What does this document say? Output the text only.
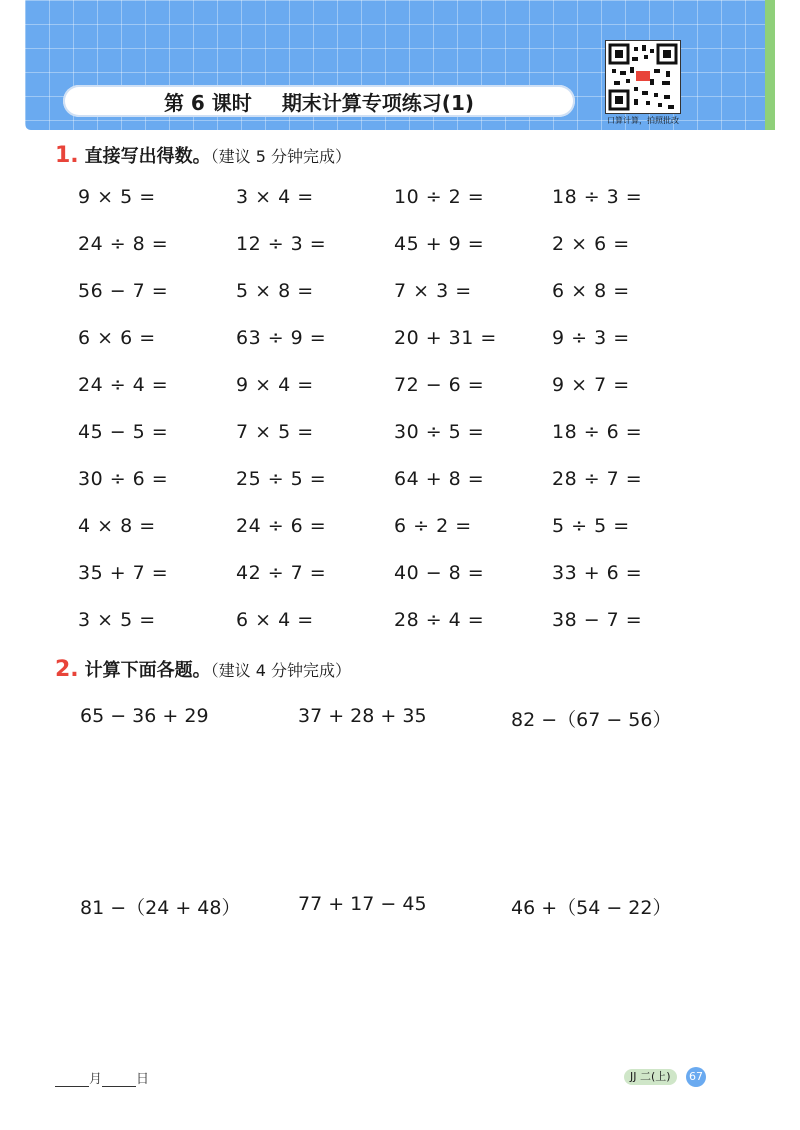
第 6 课时 期末计算专项练习(1)
口算计算，拍照批改
1. 直接写出得数。（建议 5 分钟完成）
9 × 5 =	3 × 4 =	10 ÷ 2 =	18 ÷ 3 =
24 ÷ 8 =	12 ÷ 3 =	45 + 9 =	2 × 6 =
56 − 7 =	5 × 8 =	7 × 3 =	6 × 8 =
6 × 6 =	63 ÷ 9 =	20 + 31 =	9 ÷ 3 =
24 ÷ 4 =	9 × 4 =	72 − 6 =	9 × 7 =
45 − 5 =	7 × 5 =	30 ÷ 5 =	18 ÷ 6 =
30 ÷ 6 =	25 ÷ 5 =	64 + 8 =	28 ÷ 7 =
4 × 8 =	24 ÷ 6 =	6 ÷ 2 =	5 ÷ 5 =
35 + 7 =	42 ÷ 7 =	40 − 8 =	33 + 6 =
3 × 5 =	6 × 4 =	28 ÷ 4 =	38 − 7 =
2. 计算下面各题。（建议 4 分钟完成）
65 − 36 + 29	37 + 28 + 35	82 −（67 − 56）
81 −（24 + 48）	77 + 17 − 45	46 +（54 − 22）
月	日	JJ 二(上)	67
